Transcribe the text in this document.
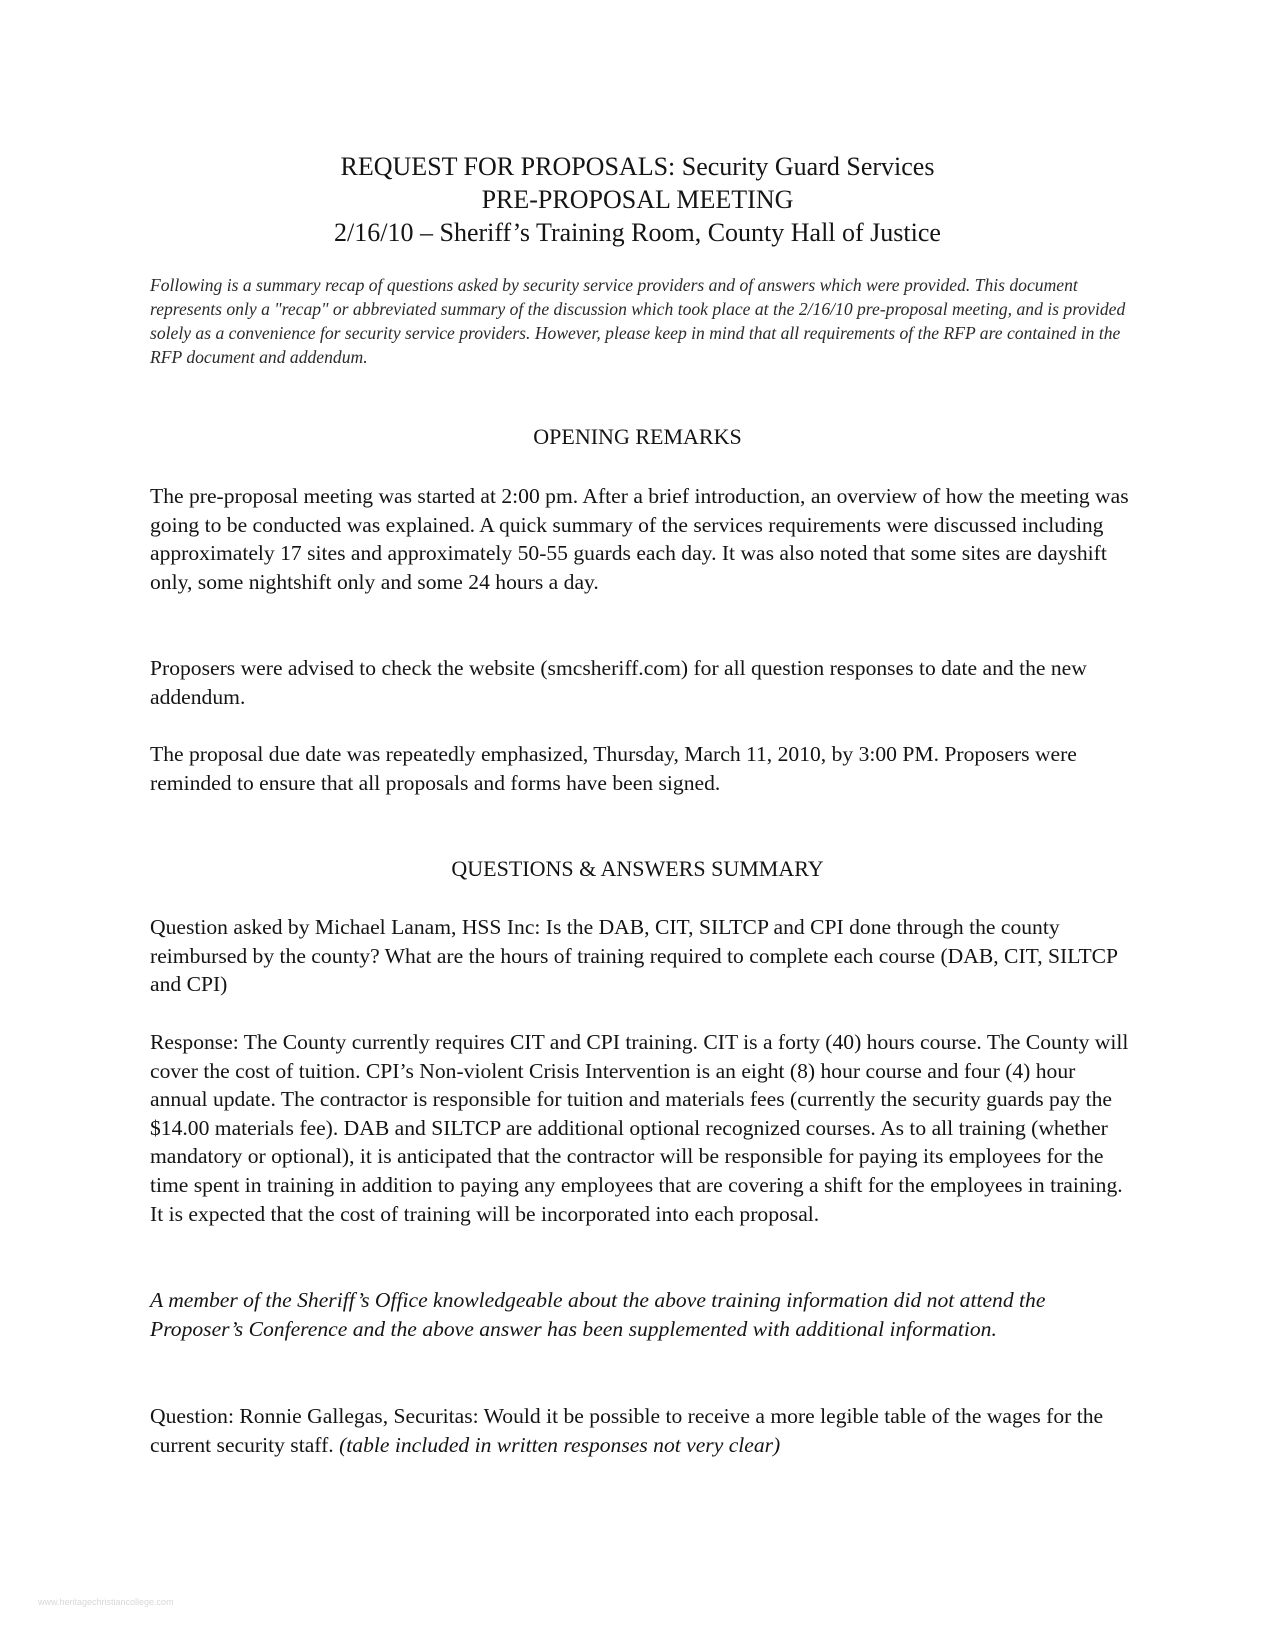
REQUEST FOR PROPOSALS: Security Guard Services

PRE-PROPOSAL MEETING

2/16/10 – Sheriff’s Training Room, County Hall of Justice

Following is a summary recap of questions asked by security service providers and of answers which were provided. This document represents only a "recap" or abbreviated summary of the discussion which took place at the 2/16/10 pre-proposal meeting, and is provided solely as a convenience for security service providers. However, please keep in mind that all requirements of the RFP are contained in the RFP document and addendum.

OPENING REMARKS

The pre-proposal meeting was started at 2:00 pm. After a brief introduction, an overview of how the meeting was going to be conducted was explained. A quick summary of the services requirements were discussed including approximately 17 sites and approximately 50-55 guards each day. It was also noted that some sites are dayshift only, some nightshift only and some 24 hours a day.

Proposers were advised to check the website (smcsheriff.com) for all question responses to date and the new addendum.

The proposal due date was repeatedly emphasized, Thursday, March 11, 2010, by 3:00 PM. Proposers were reminded to ensure that all proposals and forms have been signed.

QUESTIONS & ANSWERS SUMMARY

Question asked by Michael Lanam, HSS Inc: Is the DAB, CIT, SILTCP and CPI done through the county reimbursed by the county? What are the hours of training required to complete each course (DAB, CIT, SILTCP and CPI)

Response: The County currently requires CIT and CPI training. CIT is a forty (40) hours course. The County will cover the cost of tuition. CPI’s Non-violent Crisis Intervention is an eight (8) hour course and four (4) hour annual update. The contractor is responsible for tuition and materials fees (currently the security guards pay the $14.00 materials fee). DAB and SILTCP are additional optional recognized courses. As to all training (whether mandatory or optional), it is anticipated that the contractor will be responsible for paying its employees for the time spent in training in addition to paying any employees that are covering a shift for the employees in training. It is expected that the cost of training will be incorporated into each proposal.

A member of the Sheriff’s Office knowledgeable about the above training information did not attend the Proposer’s Conference and the above answer has been supplemented with additional information.

Question: Ronnie Gallegas, Securitas: Would it be possible to receive a more legible table of the wages for the current security staff. (table included in written responses not very clear)

www.heritagechristiancollege.com
